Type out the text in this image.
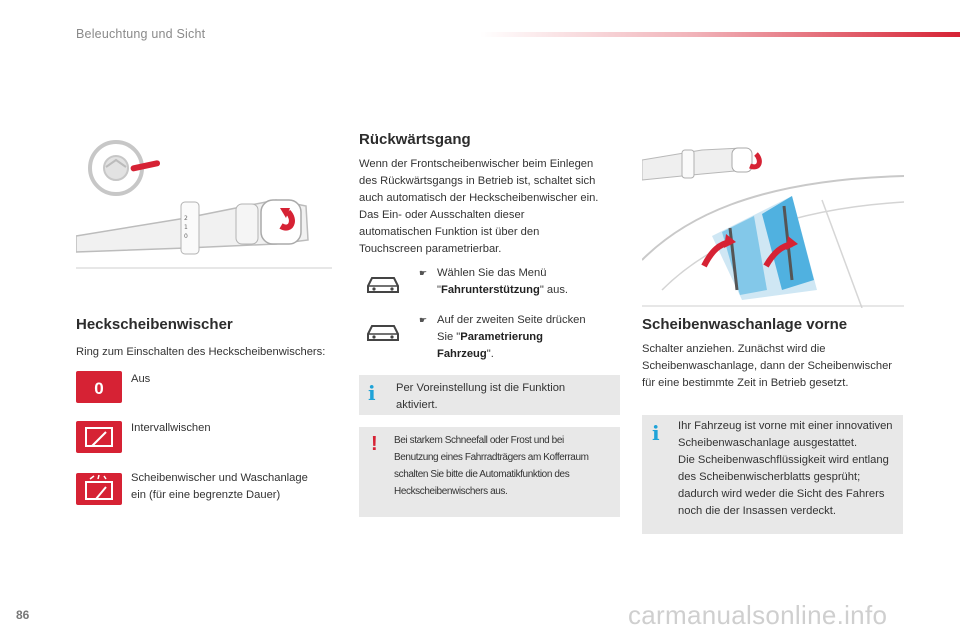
Beleuchtung und Sicht
2
1
0
Heckscheibenwischer
Ring zum Einschalten des Heckscheibenwischers:
0 Aus
Intervallwischen
Scheibenwischer und Waschanlage
ein (für eine begrenzte Dauer)
Rückwärtsgang
Wenn der Frontscheibenwischer beim Einlegen
des Rückwärtsgangs in Betrieb ist, schaltet sich
auch automatisch der Heckscheibenwischer ein.
Das Ein- oder Ausschalten dieser
automatischen Funktion ist über den
Touchscreen parametrierbar.
☛ Wählen Sie das Menü
"Fahrunterstützung" aus.
☛ Auf der zweiten Seite drücken
Sie "Parametrierung
Fahrzeug".
i Per Voreinstellung ist die Funktion
aktiviert.
! Bei starkem Schneefall oder Frost und bei
Benutzung eines Fahrradträgers am Kofferraum
schalten Sie bitte die Automatikfunktion des
Heckscheibenwischers aus.
Scheibenwaschanlage vorne
Schalter anziehen. Zunächst wird die
Scheibenwaschanlage, dann der Scheibenwischer
für eine bestimmte Zeit in Betrieb gesetzt.
i Ihr Fahrzeug ist vorne mit einer innovativen
Scheibenwaschanlage ausgestattet.
Die Scheibenwaschflüssigkeit wird entlang
des Scheibenwischerblatts gesprüht;
dadurch wird weder die Sicht des Fahrers
noch die der Insassen verdeckt.
86	carmanualsonline.info
